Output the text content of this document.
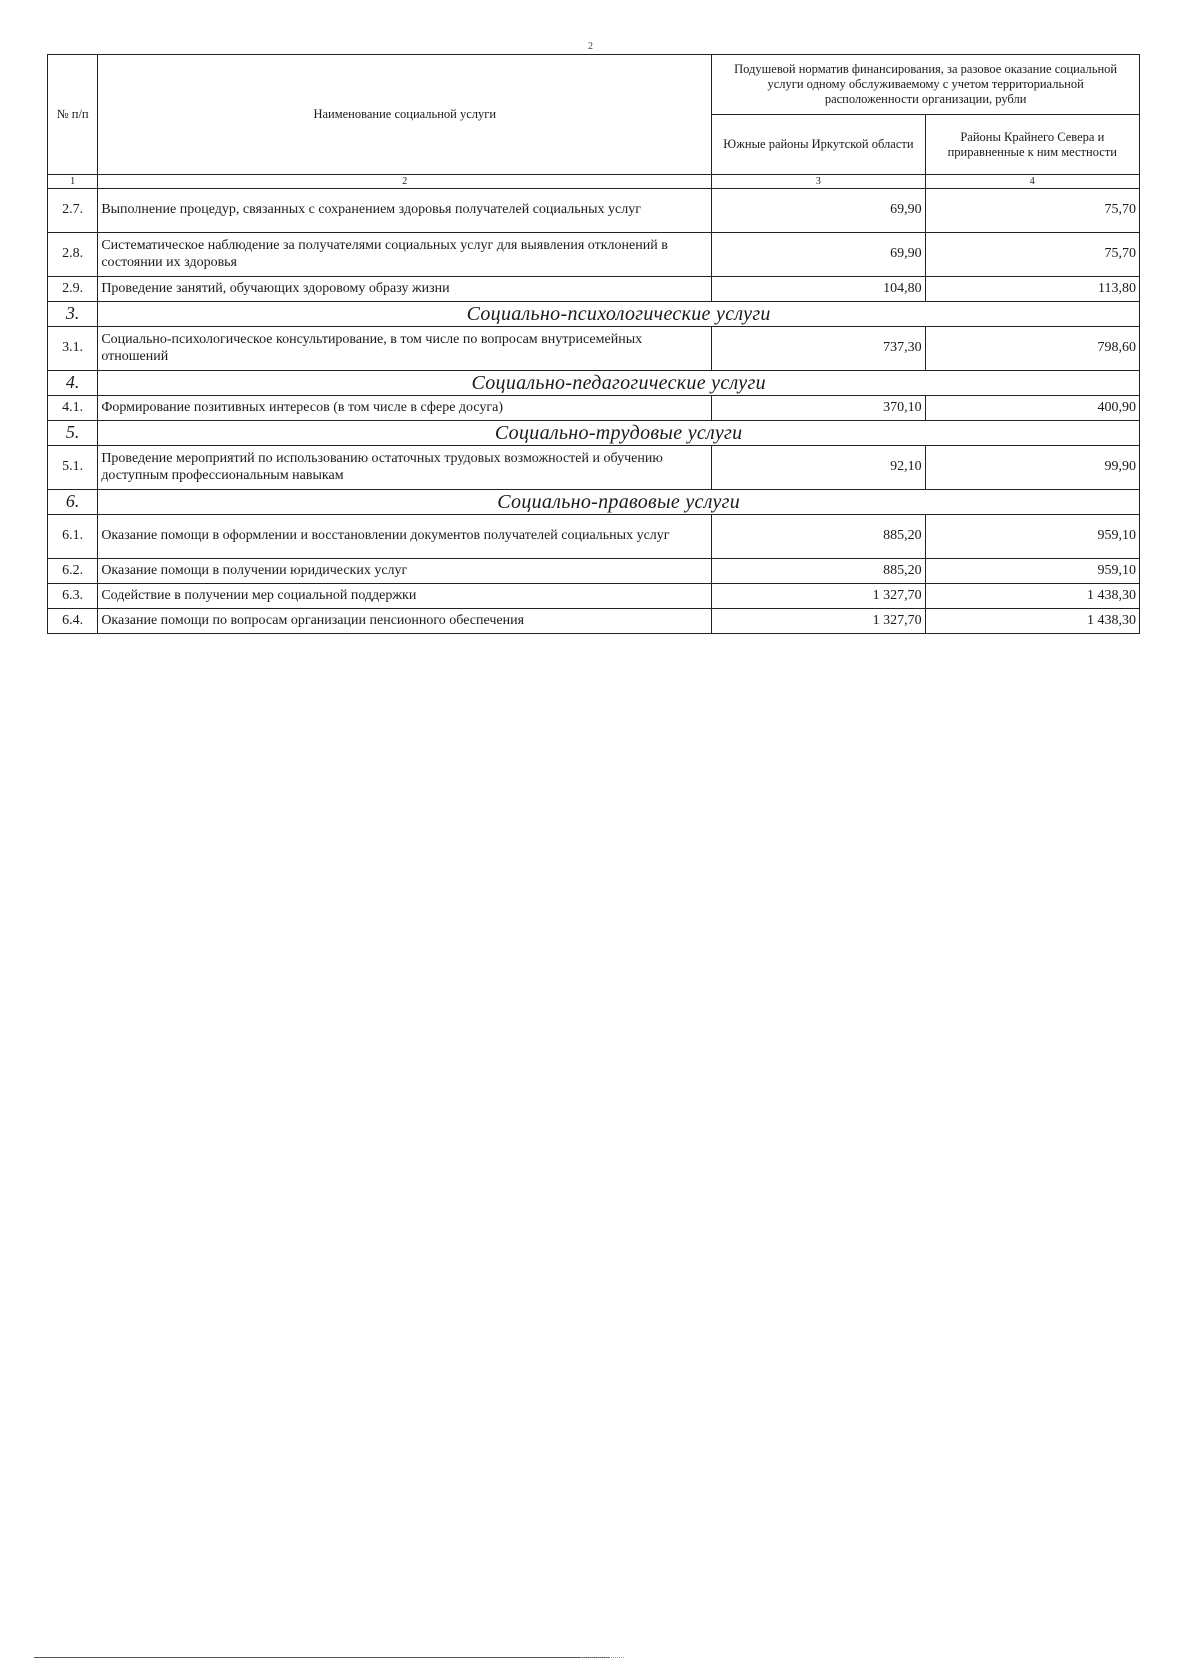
2
№ п/п	Наименование социальной услуги	Подушевой норматив финансирования, за разовое оказание социальной услуги одному обслуживаемому с учетом территориальной расположенности организации, рубли	
		Южные районы Иркутской области	Районы Крайнего Севера и приравненные к ним местности
1	2	3	4
2.7.	Выполнение процедур, связанных с сохранением здоровья получателей социальных услуг	69,90	75,70
2.8.	Систематическое наблюдение за получателями социальных услуг для выявления отклонений в состоянии их здоровья	69,90	75,70
2.9.	Проведение занятий, обучающих здоровому образу жизни	104,80	113,80
3.	Социально-психологические услуги		
3.1.	Социально-психологическое консультирование, в том числе по вопросам внутрисемейных отношений	737,30	798,60
4.	Социально-педагогические услуги		
4.1.	Формирование позитивных интересов (в том числе в сфере досуга)	370,10	400,90
5.	Социально-трудовые услуги		
5.1.	Проведение мероприятий по использованию остаточных трудовых возможностей и обучению доступным профессиональным навыкам	92,10	99,90
6.	Социально-правовые услуги		
6.1.	Оказание помощи в оформлении и восстановлении документов получателей социальных услуг	885,20	959,10
6.2.	Оказание помощи в получении юридических услуг	885,20	959,10
6.3.	Содействие в получении мер социальной поддержки	1 327,70	1 438,30
6.4.	Оказание помощи по вопросам организации пенсионного обеспечения	1 327,70	1 438,30
